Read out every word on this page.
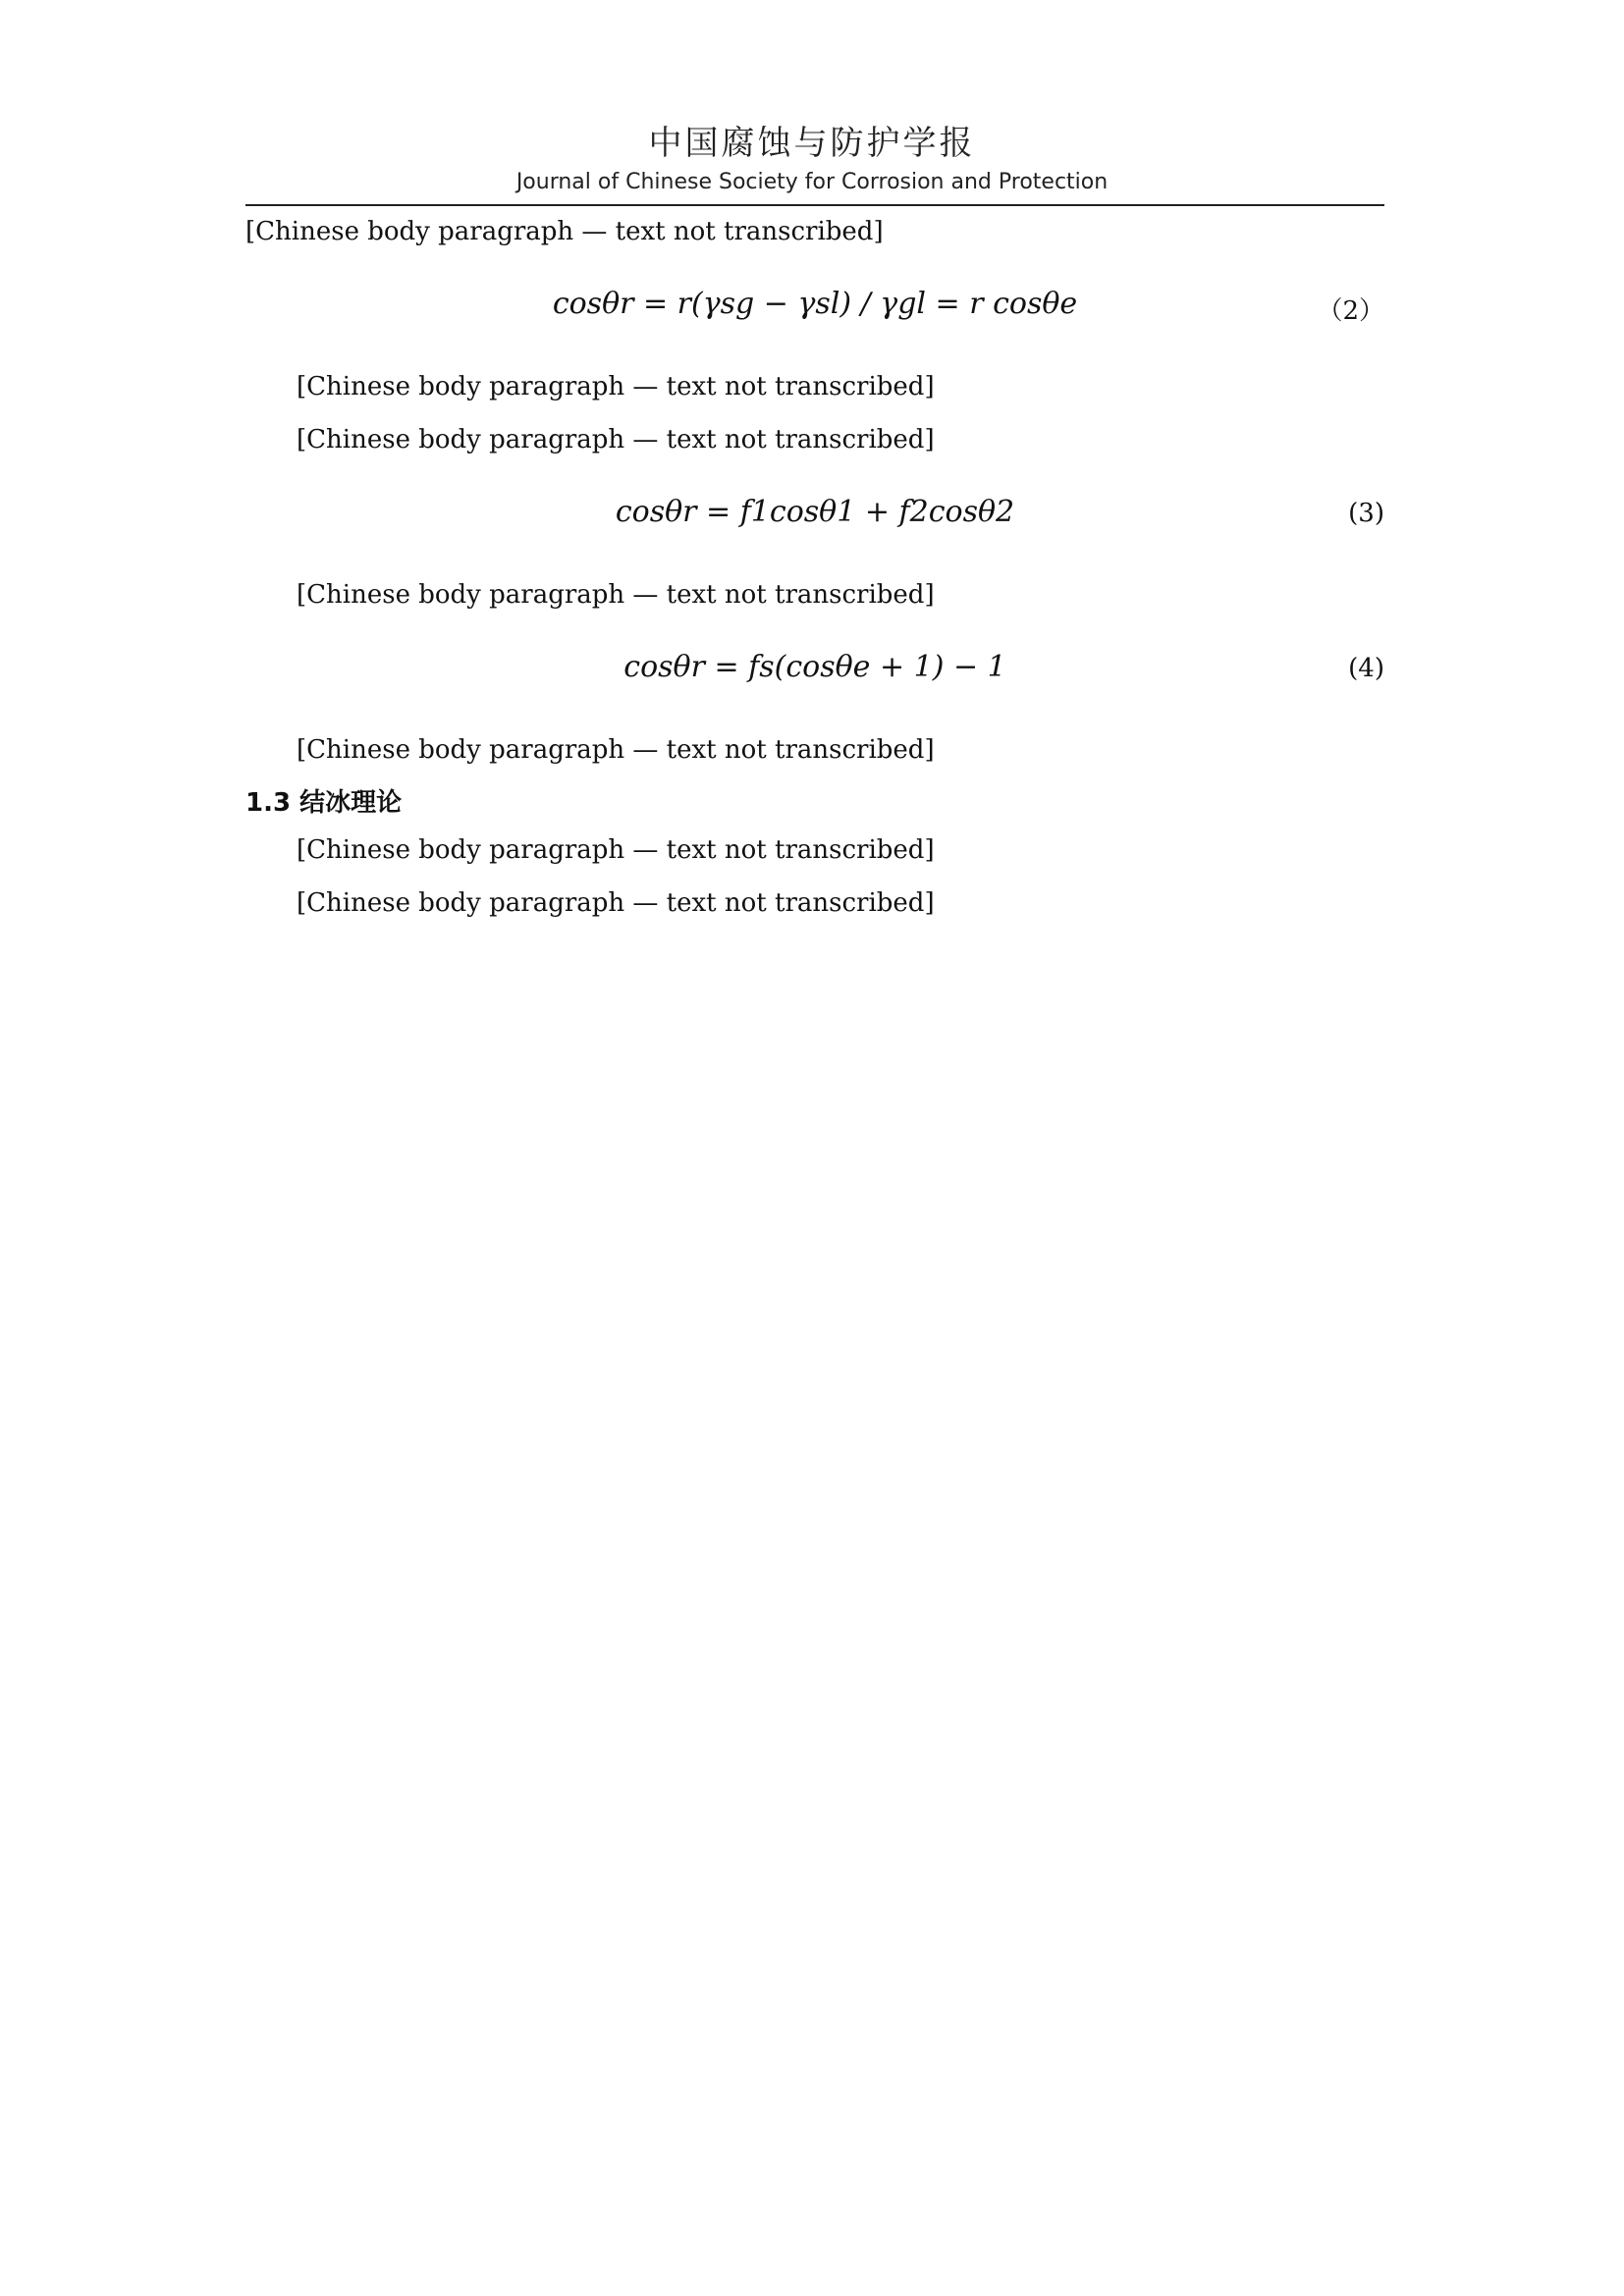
中国腐蚀与防护学报
Journal of Chinese Society for Corrosion and Protection

[Chinese body paragraph — text not transcribed]

cosθr = r(γsg − γsl) / γgl = r cosθe	（2）

[Chinese body paragraph — text not transcribed]

[Chinese body paragraph — text not transcribed]

cosθr = f1cosθ1 + f2cosθ2	(3)

[Chinese body paragraph — text not transcribed]

cosθr = fs(cosθe + 1) − 1	(4)

[Chinese body paragraph — text not transcribed]

1.3 结冰理论

[Chinese body paragraph — text not transcribed]

[Chinese body paragraph — text not transcribed]
